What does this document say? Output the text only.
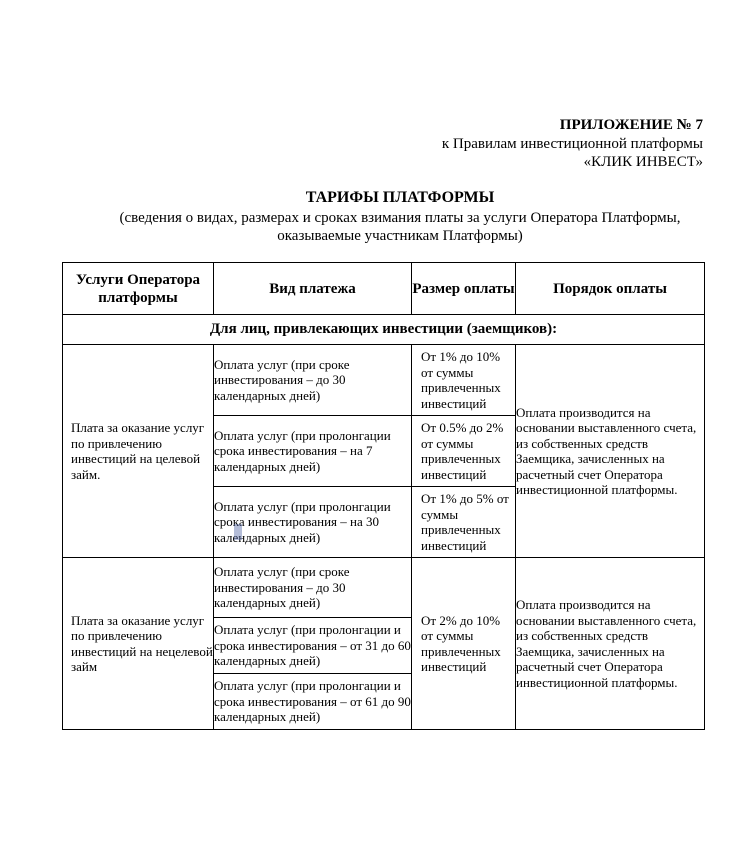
ПРИЛОЖЕНИЕ № 7
к Правилам инвестиционной платформы
«КЛИК ИНВЕСТ»
ТАРИФЫ ПЛАТФОРМЫ
(сведения о видах, размерах и сроках взимания платы за услуги Оператора Платформы,
оказываемые участникам Платформы)
Услуги Оператора платформы	Вид платежа	Размер оплаты	Порядок оплаты
Для лиц, привлекающих инвестиции (заемщиков):			
Плата за оказание услуг по привлечению инвестиций на целевой займ.	Оплата услуг (при сроке инвестирования – до 30 календарных дней)	От 1% до 10% от суммы привлеченных инвестиций	Оплата производится на основании выставленного счета, из собственных средств Заемщика, зачисленных на расчетный счет Оператора инвестиционной платформы.
	Оплата услуг (при пролонгации срока инвестирования – на 7 календарных дней)	От 0.5% до 2% от суммы привлеченных инвестиций	
	Оплата услуг (при пролонгации срока инвестирования – на 30 календарных дней)	От 1% до 5% от суммы привлеченных инвестиций	
Плата за оказание услуг по привлечению инвестиций на нецелевой займ	Оплата услуг (при сроке инвестирования – до 30 календарных дней)	От 2% до 10% от суммы привлеченных инвестиций	Оплата производится на основании выставленного счета, из собственных средств Заемщика, зачисленных на расчетный счет Оператора инвестиционной платформы.
	Оплата услуг (при пролонгации и срока инвестирования – от 31 до 60 календарных дней)		
	Оплата услуг (при пролонгации и срока инвестирования – от 61 до 90 календарных дней)		
